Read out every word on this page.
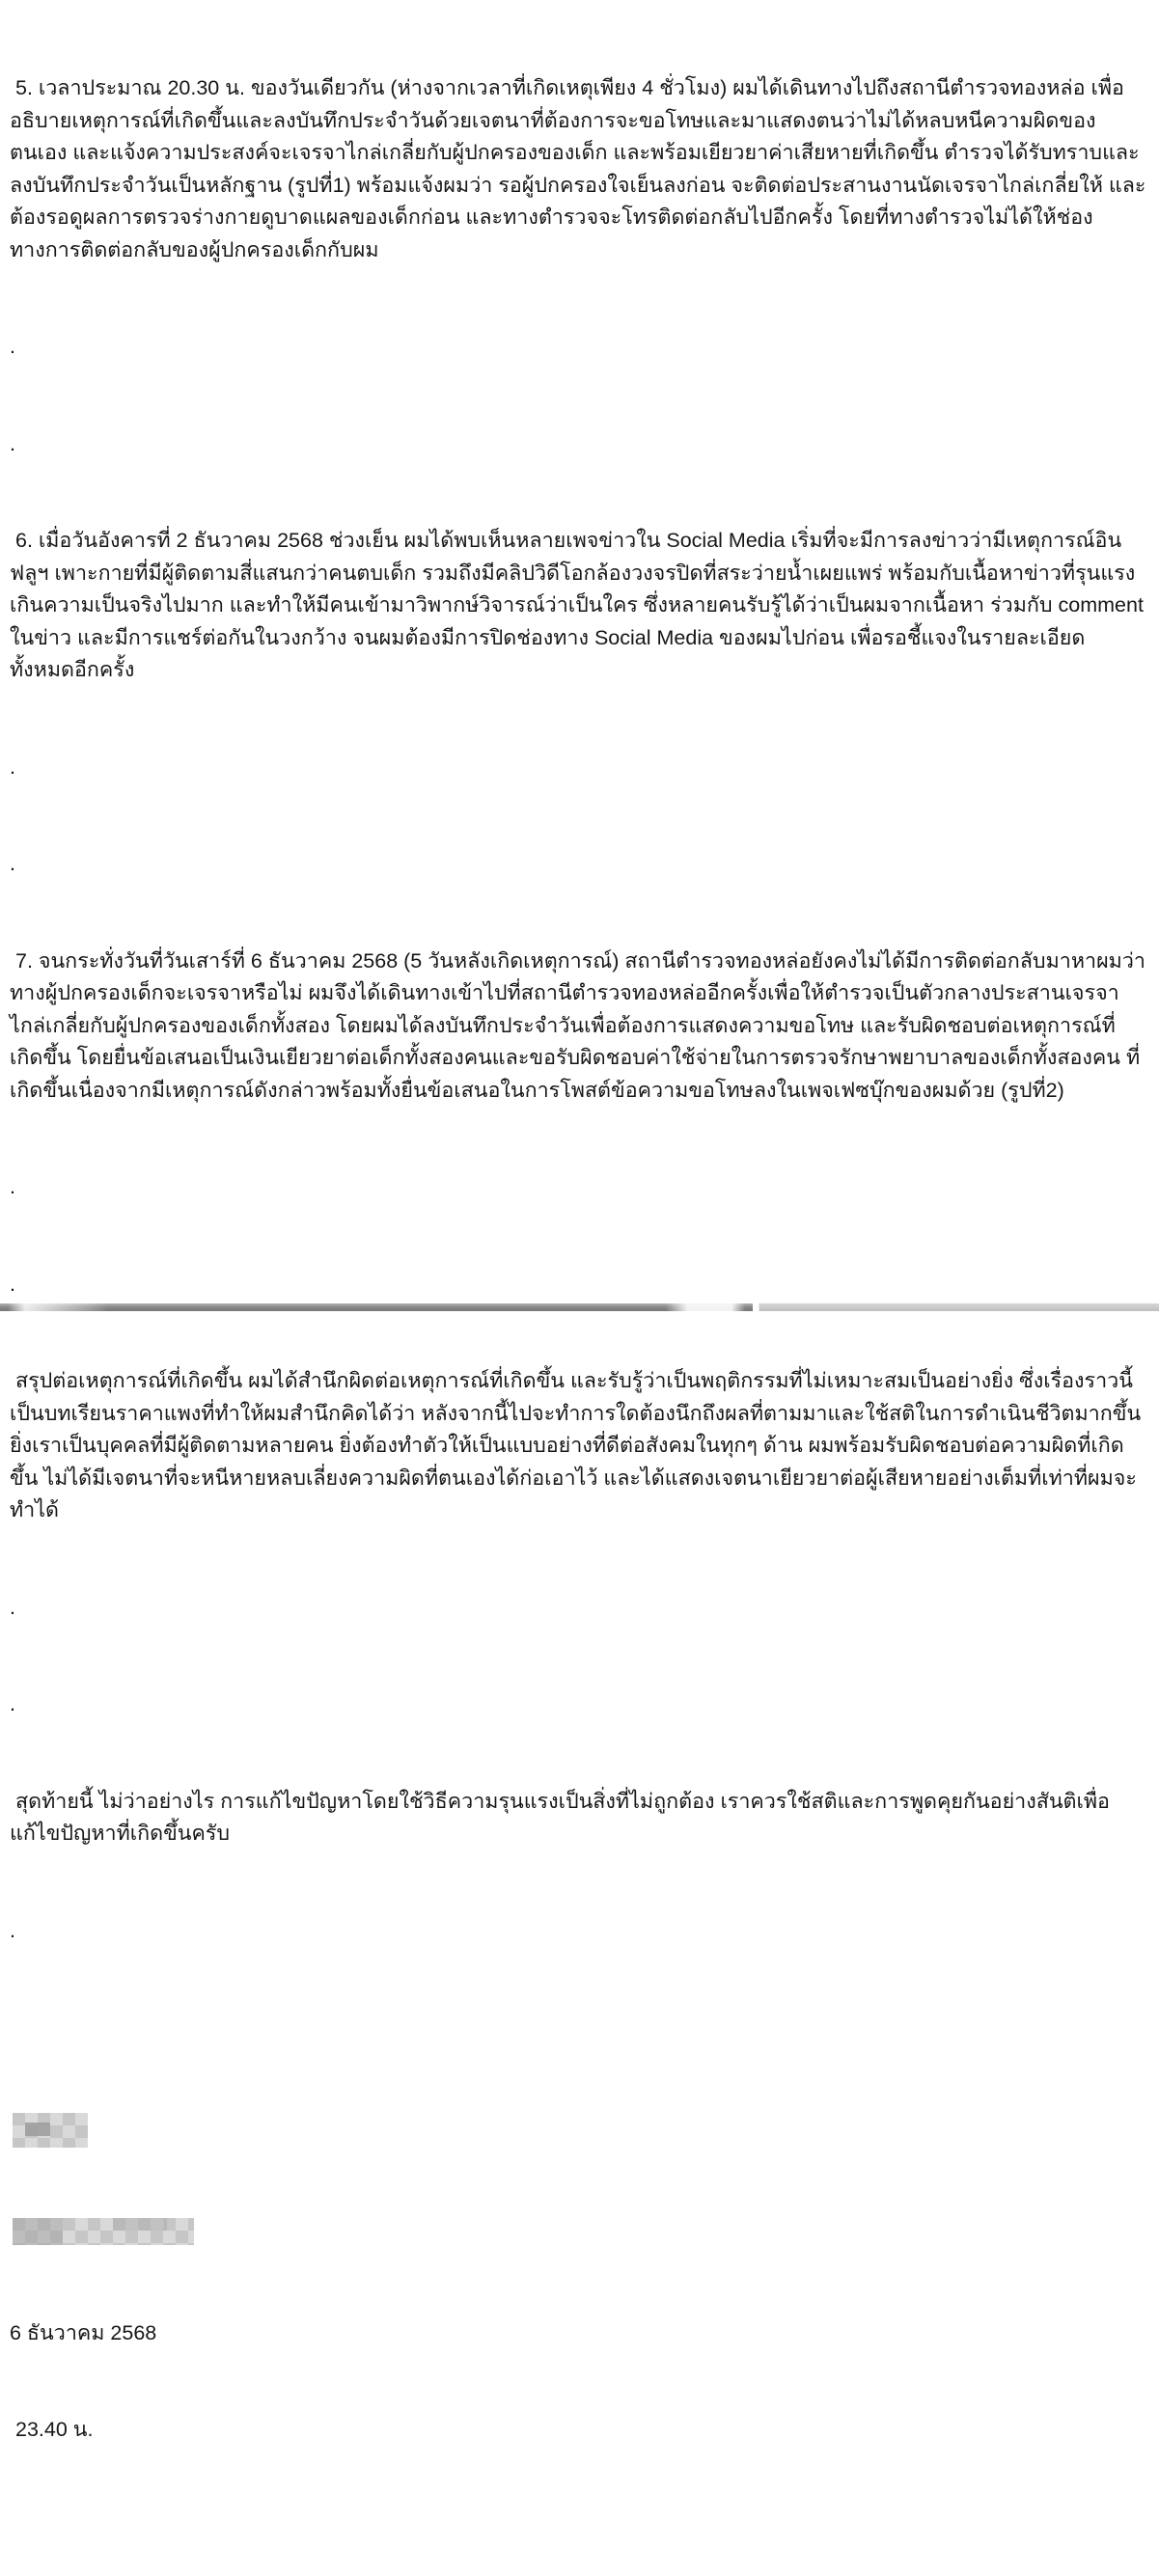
5. เวลาประมาณ 20.30 น. ของวันเดียวกัน (ห่างจากเวลาที่เกิดเหตุเพียง 4 ชั่วโมง) ผมได้เดินทางไปถึงสถานีตำรวจทองหล่อ เพื่ออธิบายเหตุการณ์ที่เกิดขึ้นและลงบันทึกประจำวันด้วยเจตนาที่ต้องการจะขอโทษและมาแสดงตนว่าไม่ได้หลบหนีความผิดของตนเอง และแจ้งความประสงค์จะเจรจาไกล่เกลี่ยกับผู้ปกครองของเด็ก และพร้อมเยียวยาค่าเสียหายที่เกิดขึ้น ตำรวจได้รับทราบและลงบันทึกประจำวันเป็นหลักฐาน (รูปที่1) พร้อมแจ้งผมว่า รอผู้ปกครองใจเย็นลงก่อน จะติดต่อประสานงานนัดเจรจาไกล่เกลี่ยให้ และต้องรอดูผลการตรวจร่างกายดูบาดแผลของเด็กก่อน และทางตำรวจจะโทรติดต่อกลับไปอีกครั้ง โดยที่ทางตำรวจไม่ได้ให้ช่องทางการติดต่อกลับของผู้ปกครองเด็กกับผม

.

.

6. เมื่อวันอังคารที่ 2 ธันวาคม 2568 ช่วงเย็น ผมได้พบเห็นหลายเพจข่าวใน Social Media เริ่มที่จะมีการลงข่าวว่ามีเหตุการณ์อินฟลูฯ เพาะกายที่มีผู้ติดตามสี่แสนกว่าคนตบเด็ก รวมถึงมีคลิปวิดีโอกล้องวงจรปิดที่สระว่ายน้ำเผยแพร่ พร้อมกับเนื้อหาข่าวที่รุนแรงเกินความเป็นจริงไปมาก และทำให้มีคนเข้ามาวิพากษ์วิจารณ์ว่าเป็นใคร ซึ่งหลายคนรับรู้ได้ว่าเป็นผมจากเนื้อหา ร่วมกับ comment ในข่าว และมีการแชร์ต่อกันในวงกว้าง จนผมต้องมีการปิดช่องทาง Social Media ของผมไปก่อน เพื่อรอชี้แจงในรายละเอียดทั้งหมดอีกครั้ง

.

.

7. จนกระทั่งวันที่วันเสาร์ที่ 6 ธันวาคม 2568 (5 วันหลังเกิดเหตุการณ์) สถานีตำรวจทองหล่อยังคงไม่ได้มีการติดต่อกลับมาหาผมว่าทางผู้ปกครองเด็กจะเจรจาหรือไม่ ผมจึงได้เดินทางเข้าไปที่สถานีตำรวจทองหล่ออีกครั้งเพื่อให้ตำรวจเป็นตัวกลางประสานเจรจาไกล่เกลี่ยกับผู้ปกครองของเด็กทั้งสอง โดยผมได้ลงบันทึกประจำวันเพื่อต้องการแสดงความขอโทษ และรับผิดชอบต่อเหตุการณ์ที่เกิดขึ้น โดยยื่นข้อเสนอเป็นเงินเยียวยาต่อเด็กทั้งสองคนและขอรับผิดชอบค่าใช้จ่ายในการตรวจรักษาพยาบาลของเด็กทั้งสองคน ที่เกิดขึ้นเนื่องจากมีเหตุการณ์ดังกล่าวพร้อมทั้งยื่นข้อเสนอในการโพสต์ข้อความขอโทษลงในเพจเฟซบุ๊กของผมด้วย (รูปที่2)

.

.

สรุปต่อเหตุการณ์ที่เกิดขึ้น ผมได้สำนึกผิดต่อเหตุการณ์ที่เกิดขึ้น และรับรู้ว่าเป็นพฤติกรรมที่ไม่เหมาะสมเป็นอย่างยิ่ง ซึ่งเรื่องราวนี้เป็นบทเรียนราคาแพงที่ทำให้ผมสำนึกคิดได้ว่า หลังจากนี้ไปจะทำการใดต้องนึกถึงผลที่ตามมาและใช้สติในการดำเนินชีวิตมากขึ้น ยิ่งเราเป็นบุคคลที่มีผู้ติดตามหลายคน ยิ่งต้องทำตัวให้เป็นแบบอย่างที่ดีต่อสังคมในทุกๆ ด้าน ผมพร้อมรับผิดชอบต่อความผิดที่เกิดขึ้น ไม่ได้มีเจตนาที่จะหนีหายหลบเลี่ยงความผิดที่ตนเองได้ก่อเอาไว้ และได้แสดงเจตนาเยียวยาต่อผู้เสียหายอย่างเต็มที่เท่าที่ผมจะทำได้

.

.

สุดท้ายนี้ ไม่ว่าอย่างไร การแก้ไขปัญหาโดยใช้วิธีความรุนแรงเป็นสิ่งที่ไม่ถูกต้อง เราควรใช้สติและการพูดคุยกันอย่างสันติเพื่อแก้ไขปัญหาที่เกิดขึ้นครับ

.

6 ธันวาคม 2568

23.40 น.
